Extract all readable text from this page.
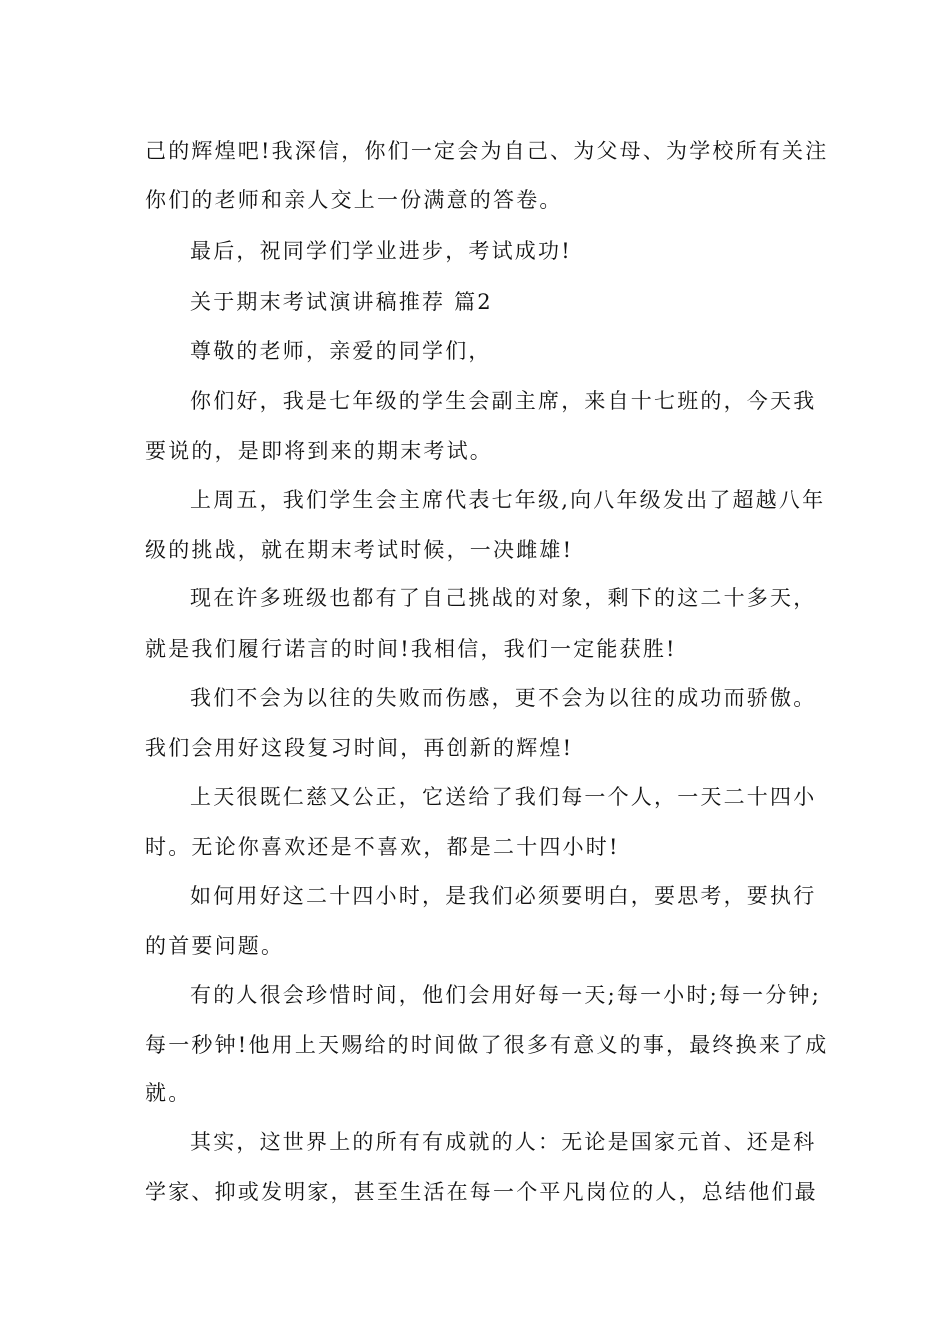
己的辉煌吧!我深信，你们一定会为自己、为父母、为学校所有关注
你们的老师和亲人交上一份满意的答卷。
最后，祝同学们学业进步，考试成功!
关于期末考试演讲稿推荐 篇2
尊敬的老师，亲爱的同学们，
你们好，我是七年级的学生会副主席，来自十七班的，今天我
要说的，是即将到来的期末考试。
上周五，我们学生会主席代表七年级,向八年级发出了超越八年
级的挑战，就在期末考试时候，一决雌雄!
现在许多班级也都有了自己挑战的对象，剩下的这二十多天，
就是我们履行诺言的时间!我相信，我们一定能获胜!
我们不会为以往的失败而伤感，更不会为以往的成功而骄傲。
我们会用好这段复习时间，再创新的辉煌!
上天很既仁慈又公正，它送给了我们每一个人，一天二十四小
时。无论你喜欢还是不喜欢，都是二十四小时!
如何用好这二十四小时，是我们必须要明白，要思考，要执行
的首要问题。
有的人很会珍惜时间，他们会用好每一天;每一小时;每一分钟;
每一秒钟!他用上天赐给的时间做了很多有意义的事，最终换来了成
就。
其实，这世界上的所有有成就的人：无论是国家元首、还是科
学家、抑或发明家，甚至生活在每一个平凡岗位的人，总结他们最
